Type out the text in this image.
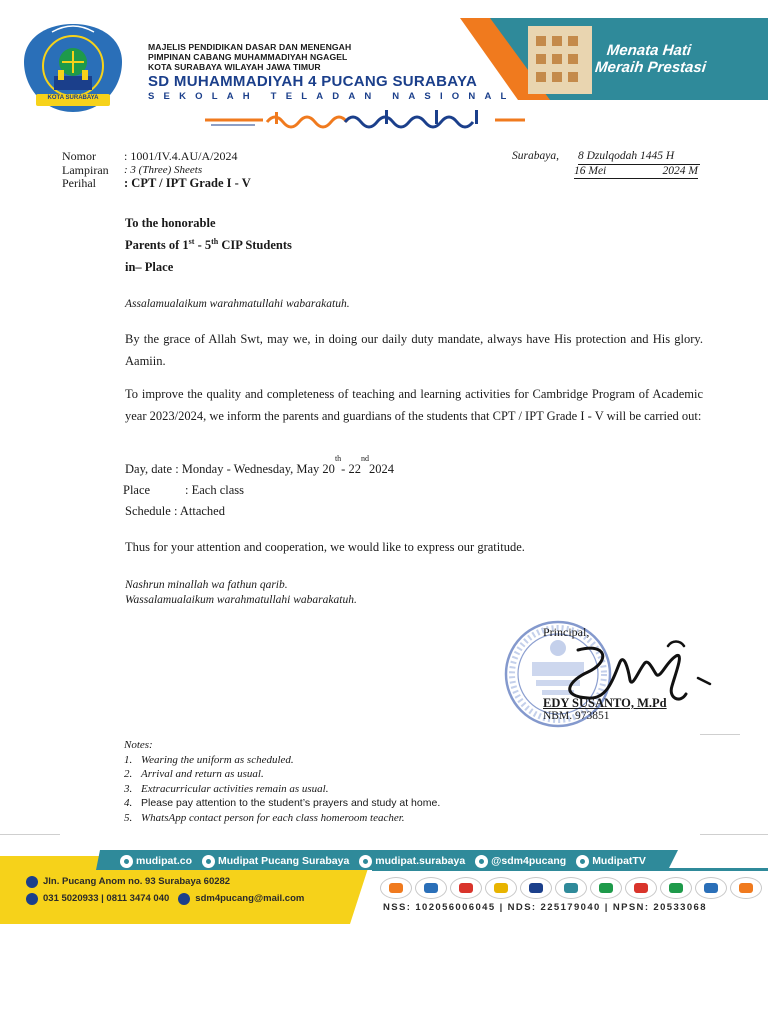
KOTA SURABAYA
MAJELIS PENDIDIKAN DASAR DAN MENENGAH
PIMPINAN CABANG MUHAMMADIYAH NGAGEL
KOTA SURABAYA WILAYAH JAWA TIMUR
SD MUHAMMADIYAH 4 PUCANG SURABAYA
SEKOLAH TELADAN NASIONAL
Menata Hati
Meraih Prestasi
Nomor	: 1001/IV.4.AU/A/2024
Lampiran	: 3 (Three) Sheets
Perihal	: CPT / IPT Grade I - V
Surabaya,	8 Dzulqodah 1445 H
16 Mei	2024 M
To the honorable
Parents of 1st - 5th CIP Students
in– Place
Assalamualaikum warahmatullahi wabarakatuh.
By the grace of Allah Swt, may we, in doing our daily duty mandate, always have His protection and His glory. Aamiin.
To improve the quality and completeness of teaching and learning activities for Cambridge Program of Academic year 2023/2024, we inform the parents and guardians of the students that CPT / IPT Grade I - V will be carried out:
Day, date : Monday - Wednesday, May 20
th
- 22
nd
2024
Place	: Each class
Schedule : Attached
Thus for your attention and cooperation, we would like to express our gratitude.
Nashrun minallah wa fathun qarib.
Wassalamualaikum warahmatullahi wabarakatuh.
Principal,
EDY SUSANTO, M.Pd
NBM. 973851
Notes:
1. Wearing the uniform as scheduled.
2. Arrival and return as usual.
3. Extracurricular activities remain as usual.
4. Please pay attention to the student’s prayers and study at home.
5. WhatsApp contact person for each class homeroom teacher.
mudipat.co Mudipat Pucang Surabaya mudipat.surabaya @sdm4pucang MudipatTV
Jln. Pucang Anom no. 93 Surabaya 60282
031 5020933 | 0811 3474 040	sdm4pucang@mail.com
NSS: 102056006045 | NDS: 225179040 | NPSN: 20533068
